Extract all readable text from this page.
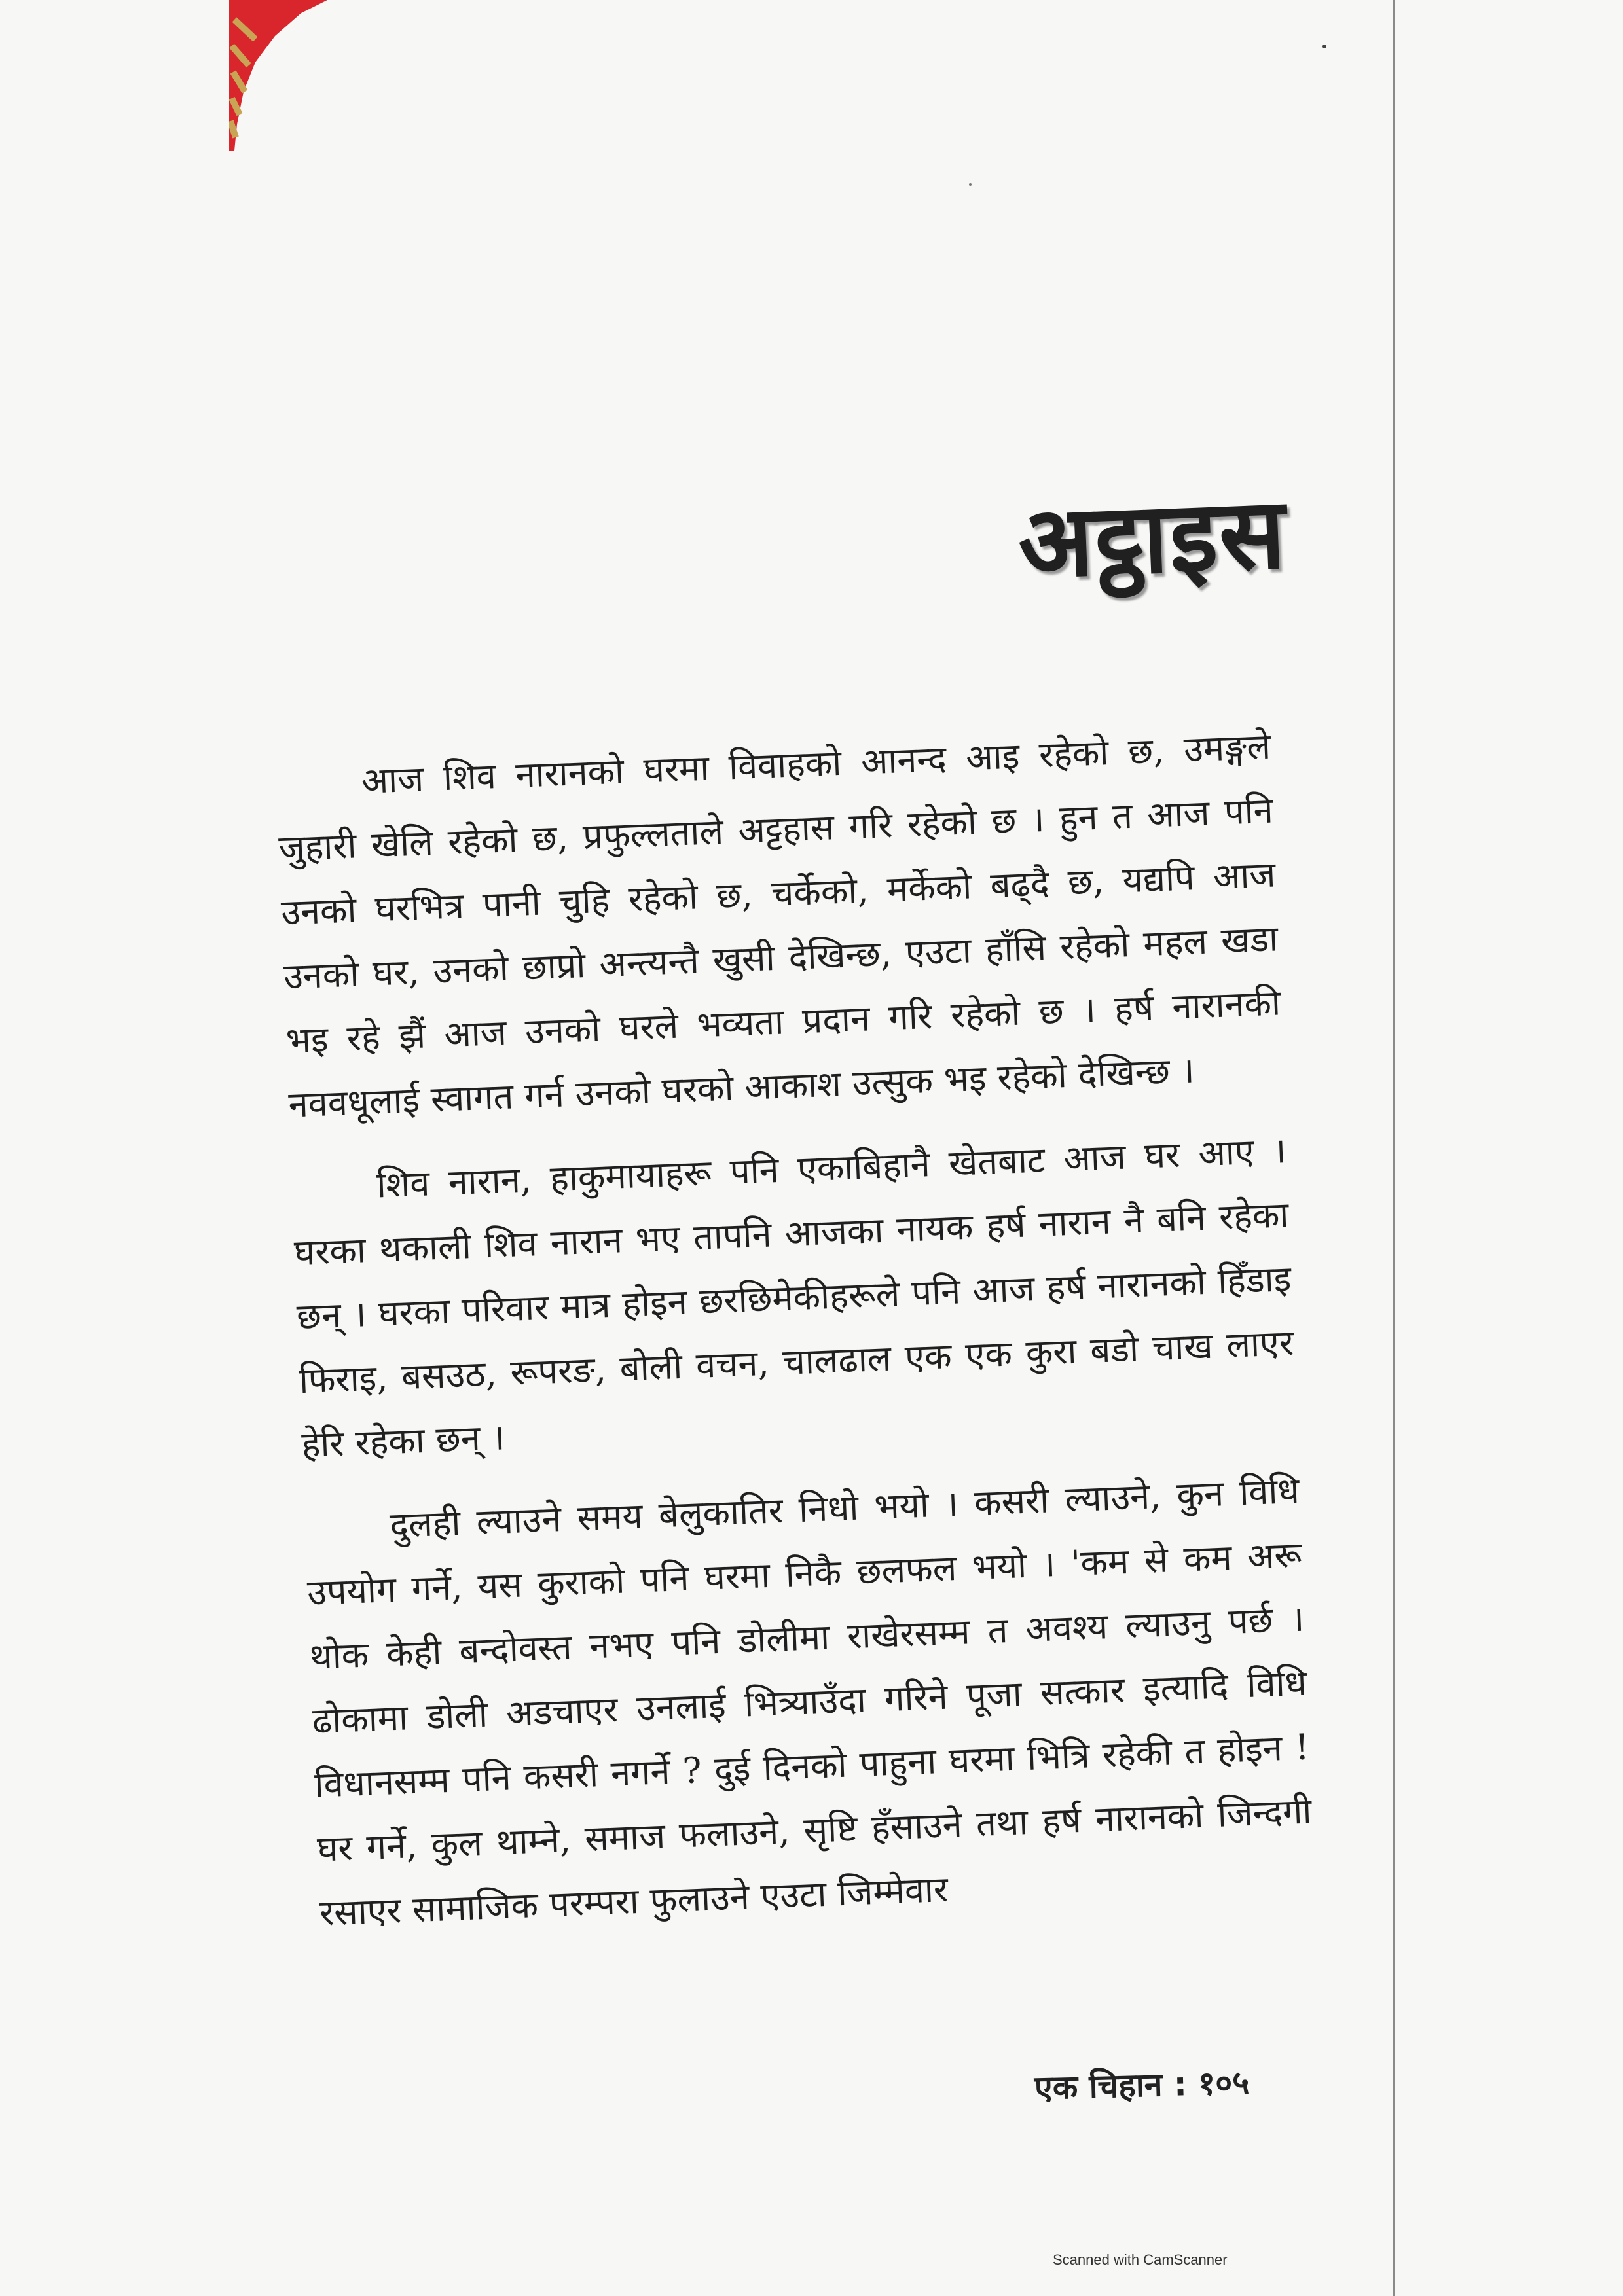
अट्ठाइस

आज शिव नारानको घरमा विवाहको आनन्द आइ रहेको छ, उमङ्गले जुहारी खेलि रहेको छ, प्रफुल्लताले अट्टहास गरि रहेको छ । हुन त आज पनि उनको घरभित्र पानी चुहि रहेको छ, चर्केको, मर्केको बढ्दै छ, यद्यपि आज उनको घर, उनको छाप्रो अन्त्यन्तै खुसी देखिन्छ, एउटा हाँसि रहेको महल खडा भइ रहे झैं आज उनको घरले भव्यता प्रदान गरि रहेको छ । हर्ष नारानकी नववधूलाई स्वागत गर्न उनको घरको आकाश उत्सुक भइ रहेको देखिन्छ ।

शिव नारान, हाकुमायाहरू पनि एकाबिहानै खेतबाट आज घर आए । घरका थकाली शिव नारान भए तापनि आजका नायक हर्ष नारान नै बनि रहेका छन् । घरका परिवार मात्र होइन छरछिमेकीहरूले पनि आज हर्ष नारानको हिँडाइ फिराइ, बसउठ, रूपरङ, बोली वचन, चालढाल एक एक कुरा बडो चाख लाएर हेरि रहेका छन् ।

दुलही ल्याउने समय बेलुकातिर निधो भयो । कसरी ल्याउने, कुन विधि उपयोग गर्ने, यस कुराको पनि घरमा निकै छलफल भयो । 'कम से कम अरू थोक केही बन्दोवस्त नभए पनि डोलीमा राखेरसम्म त अवश्य ल्याउनु पर्छ । ढोकामा डोली अडचाएर उनलाई भित्र्याउँदा गरिने पूजा सत्कार इत्यादि विधि विधानसम्म पनि कसरी नगर्ने ? दुई दिनको पाहुना घरमा भित्रि रहेकी त होइन ! घर गर्ने, कुल थाम्ने, समाज फलाउने, सृष्टि हँसाउने तथा हर्ष नारानको जिन्दगी रसाएर सामाजिक परम्परा फुलाउने एउटा जिम्मेवार

एक चिहान : १०५
Scanned with CamScanner
